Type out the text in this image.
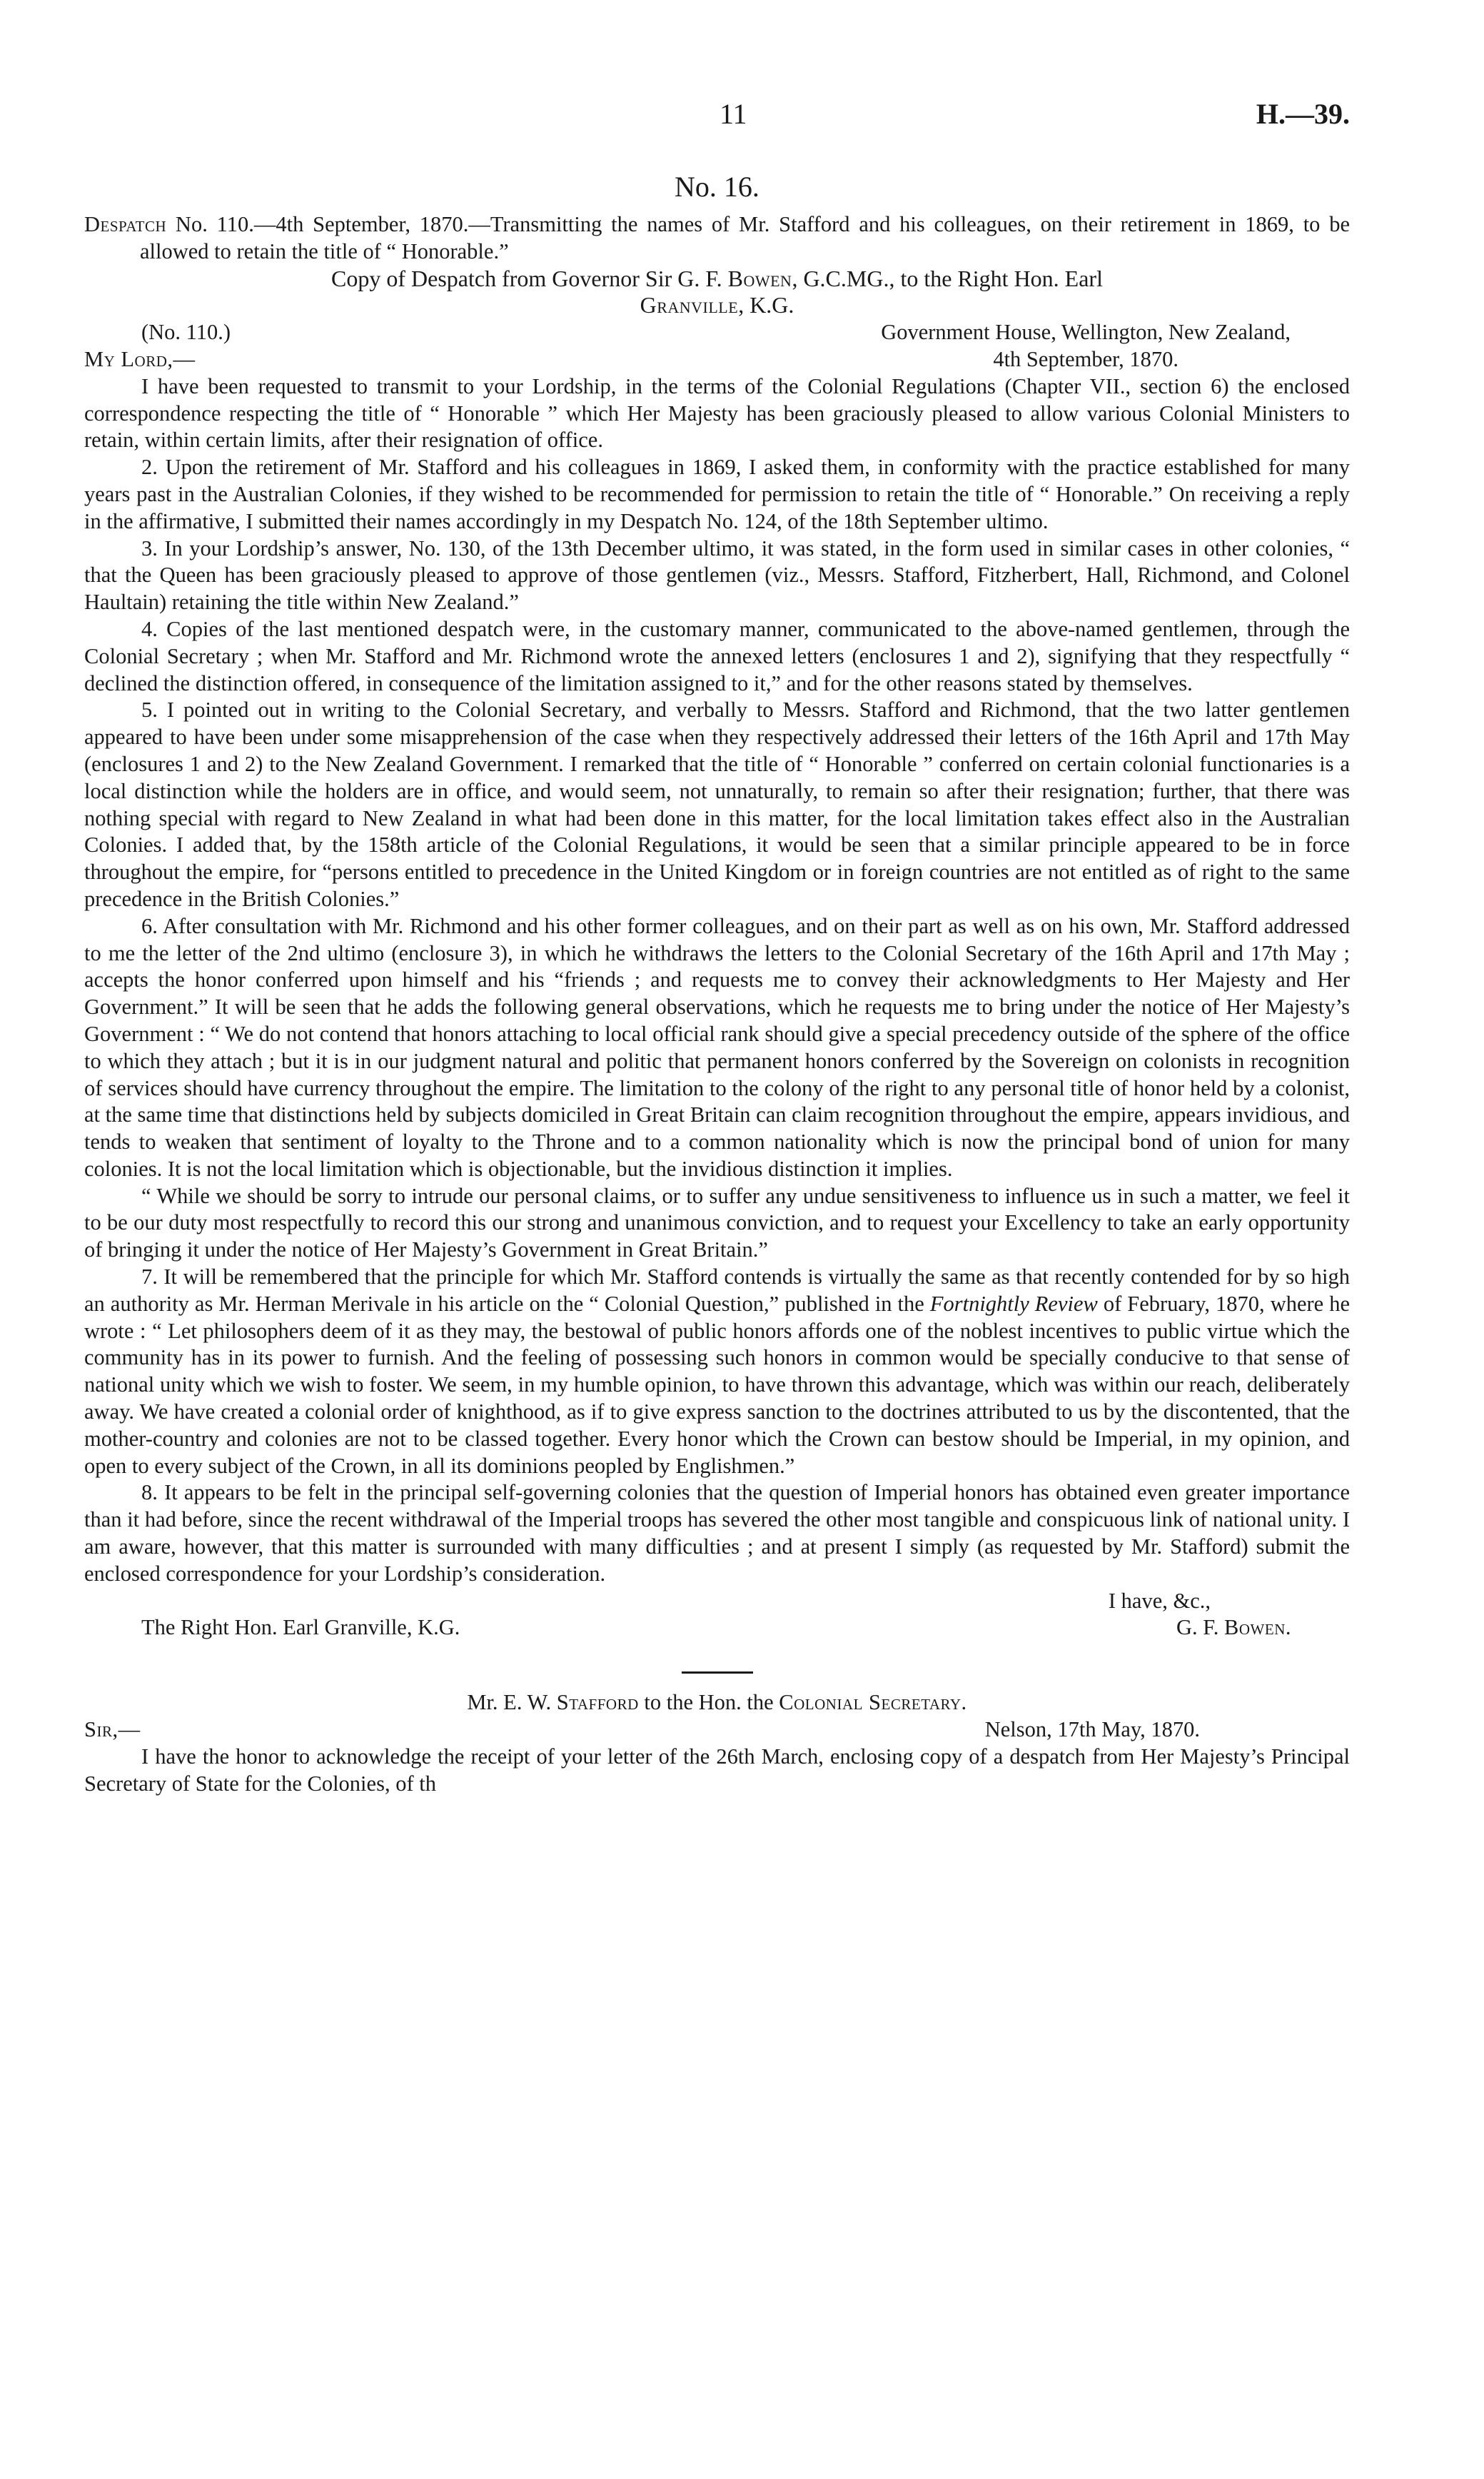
11	H.—39.
No. 16.

Despatch No. 110.—4th September, 1870.—Transmitting the names of Mr. Stafford and his colleagues, on their retirement in 1869, to be allowed to retain the title of “ Honorable.”

Copy of Despatch from Governor Sir G. F. Bowen, G.C.MG., to the Right Hon. Earl
Granville, K.G.

(No. 110.)	Government House, Wellington, New Zealand,
My Lord,—	4th September, 1870.

I have been requested to transmit to your Lordship, in the terms of the Colonial Regulations (Chapter VII., section 6) the enclosed correspondence respecting the title of “ Honorable ” which Her Majesty has been graciously pleased to allow various Colonial Ministers to retain, within certain limits, after their resignation of office.

2. Upon the retirement of Mr. Stafford and his colleagues in 1869, I asked them, in conformity with the practice established for many years past in the Australian Colonies, if they wished to be recommended for permission to retain the title of “ Honorable.” On receiving a reply in the affirmative, I submitted their names accordingly in my Despatch No. 124, of the 18th September ultimo.

3. In your Lordship’s answer, No. 130, of the 13th December ultimo, it was stated, in the form used in similar cases in other colonies, “ that the Queen has been graciously pleased to approve of those gentlemen (viz., Messrs. Stafford, Fitzherbert, Hall, Richmond, and Colonel Haultain) retaining the title within New Zealand.”

4. Copies of the last mentioned despatch were, in the customary manner, communicated to the above-named gentlemen, through the Colonial Secretary ; when Mr. Stafford and Mr. Richmond wrote the annexed letters (enclosures 1 and 2), signifying that they respectfully “ declined the distinction offered, in consequence of the limitation assigned to it,” and for the other reasons stated by themselves.

5. I pointed out in writing to the Colonial Secretary, and verbally to Messrs. Stafford and Richmond, that the two latter gentlemen appeared to have been under some misapprehension of the case when they respectively addressed their letters of the 16th April and 17th May (enclosures 1 and 2) to the New Zealand Government. I remarked that the title of “ Honorable ” conferred on certain colonial functionaries is a local distinction while the holders are in office, and would seem, not unnaturally, to remain so after their resignation; further, that there was nothing special with regard to New Zealand in what had been done in this matter, for the local limitation takes effect also in the Australian Colonies. I added that, by the 158th article of the Colonial Regulations, it would be seen that a similar principle appeared to be in force throughout the empire, for “persons entitled to precedence in the United Kingdom or in foreign countries are not entitled as of right to the same precedence in the British Colonies.”

6. After consultation with Mr. Richmond and his other former colleagues, and on their part as well as on his own, Mr. Stafford addressed to me the letter of the 2nd ultimo (enclosure 3), in which he withdraws the letters to the Colonial Secretary of the 16th April and 17th May ; accepts the honor conferred upon himself and his “friends ; and requests me to convey their acknowledgments to Her Majesty and Her Government.” It will be seen that he adds the following general observations, which he requests me to bring under the notice of Her Majesty’s Government : “ We do not contend that honors attaching to local official rank should give a special precedency outside of the sphere of the office to which they attach ; but it is in our judgment natural and politic that permanent honors conferred by the Sovereign on colonists in recognition of services should have currency throughout the empire. The limitation to the colony of the right to any personal title of honor held by a colonist, at the same time that distinctions held by subjects domiciled in Great Britain can claim recognition throughout the empire, appears invidious, and tends to weaken that sentiment of loyalty to the Throne and to a common nationality which is now the principal bond of union for many colonies. It is not the local limitation which is objectionable, but the invidious distinction it implies.

“ While we should be sorry to intrude our personal claims, or to suffer any undue sensitiveness to influence us in such a matter, we feel it to be our duty most respectfully to record this our strong and unanimous conviction, and to request your Excellency to take an early opportunity of bringing it under the notice of Her Majesty’s Government in Great Britain.”

7. It will be remembered that the principle for which Mr. Stafford contends is virtually the same as that recently contended for by so high an authority as Mr. Herman Merivale in his article on the “ Colonial Question,” published in the Fortnightly Review of February, 1870, where he wrote : “ Let philosophers deem of it as they may, the bestowal of public honors affords one of the noblest incentives to public virtue which the community has in its power to furnish. And the feeling of possessing such honors in common would be specially conducive to that sense of national unity which we wish to foster. We seem, in my humble opinion, to have thrown this advantage, which was within our reach, deliberately away. We have created a colonial order of knighthood, as if to give express sanction to the doctrines attributed to us by the discontented, that the mother-country and colonies are not to be classed together. Every honor which the Crown can bestow should be Imperial, in my opinion, and open to every subject of the Crown, in all its dominions peopled by Englishmen.”

8. It appears to be felt in the principal self-governing colonies that the question of Imperial honors has obtained even greater importance than it had before, since the recent withdrawal of the Imperial troops has severed the other most tangible and conspicuous link of national unity. I am aware, however, that this matter is surrounded with many difficulties ; and at present I simply (as requested by Mr. Stafford) submit the enclosed correspondence for your Lordship’s consideration.

I have, &c.,

The Right Hon. Earl Granville, K.G.	G. F. Bowen.

Mr. E. W. Stafford to the Hon. the Colonial Secretary.

Sir,—	Nelson, 17th May, 1870.

I have the honor to acknowledge the receipt of your letter of the 26th March, enclosing copy of a despatch from Her Majesty’s Principal Secretary of State for the Colonies, of th
